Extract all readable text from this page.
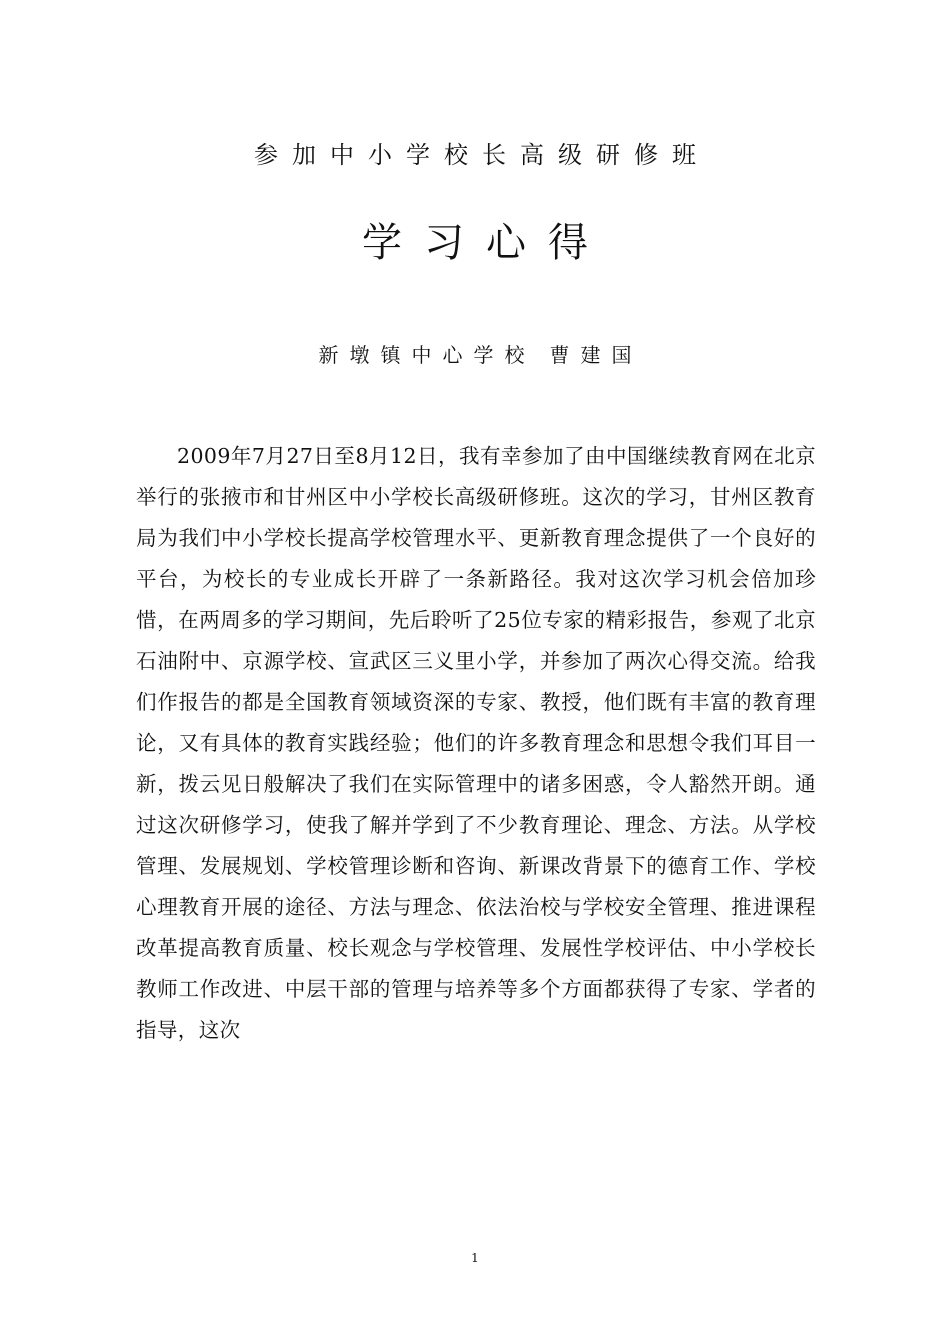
参加中小学校长高级研修班
学习心得
新墩镇中心学校 曹建国

2009年7月27日至8月12日，我有幸参加了由中国继续教育网在北京举行的张掖市和甘州区中小学校长高级研修班。这次的学习，甘州区教育局为我们中小学校长提高学校管理水平、更新教育理念提供了一个良好的平台，为校长的专业成长开辟了一条新路径。我对这次学习机会倍加珍惜，在两周多的学习期间，先后聆听了25位专家的精彩报告，参观了北京石油附中、京源学校、宣武区三义里小学，并参加了两次心得交流。给我们作报告的都是全国教育领域资深的专家、教授，他们既有丰富的教育理论，又有具体的教育实践经验；他们的许多教育理念和思想令我们耳目一新，拨云见日般解决了我们在实际管理中的诸多困惑，令人豁然开朗。通过这次研修学习，使我了解并学到了不少教育理论、理念、方法。从学校管理、发展规划、学校管理诊断和咨询、新课改背景下的德育工作、学校心理教育开展的途径、方法与理念、依法治校与学校安全管理、推进课程改革提高教育质量、校长观念与学校管理、发展性学校评估、中小学校长教师工作改进、中层干部的管理与培养等多个方面都获得了专家、学者的指导，这次

1
